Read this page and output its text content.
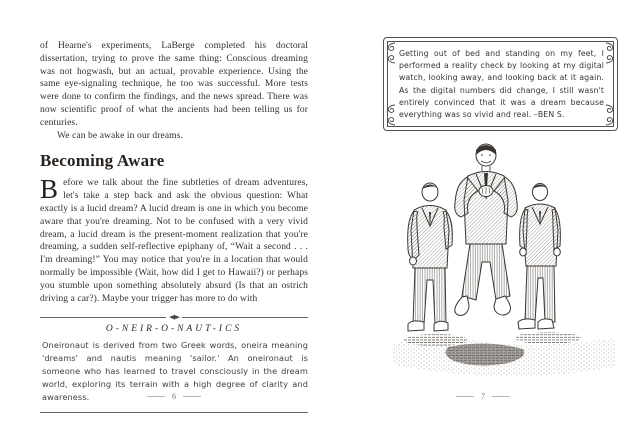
of Hearne's experiments, LaBerge completed his doctoral dissertation, trying to prove the same thing: Conscious dreaming was not hogwash, but an actual, provable experience. Using the same eye-signaling technique, he too was successful. More tests were done to confirm the findings, and the news spread. There was now scientific proof of what the ancients had been telling us for centuries.

We can be awake in our dreams.

Becoming Aware

Before we talk about the fine subtleties of dream adventures, let's take a step back and ask the obvious question: What exactly is a lucid dream? A lucid dream is one in which you become aware that you're dreaming. Not to be confused with a very vivid dream, a lucid dream is the present-moment realization that you're dreaming, a sudden self-reflective epiphany of, “Wait a second . . . I'm dreaming!” You may notice that you're in a location that would normally be impossible (Wait, how did I get to Hawaii?) or perhaps you stumble upon something absolutely absurd (Is that an ostrich driving a car?). Maybe your trigger has more to do with

◂◆▸
O-NEIR-O-NAUT-ICS

Oneironaut is derived from two Greek words, oneira meaning 'dreams' and nautis meaning 'sailor.' An oneironaut is someone who has learned to travel consciously in the dream world, exploring its terrain with a high degree of clarity and awareness.	6

Getting out of bed and standing on my feet, I performed a reality check by looking at my digital watch, looking away, and looking back at it again. As the digital numbers did change, I still wasn't entirely convinced that it was a dream because everything was so vivid and real. –BEN S.

7
